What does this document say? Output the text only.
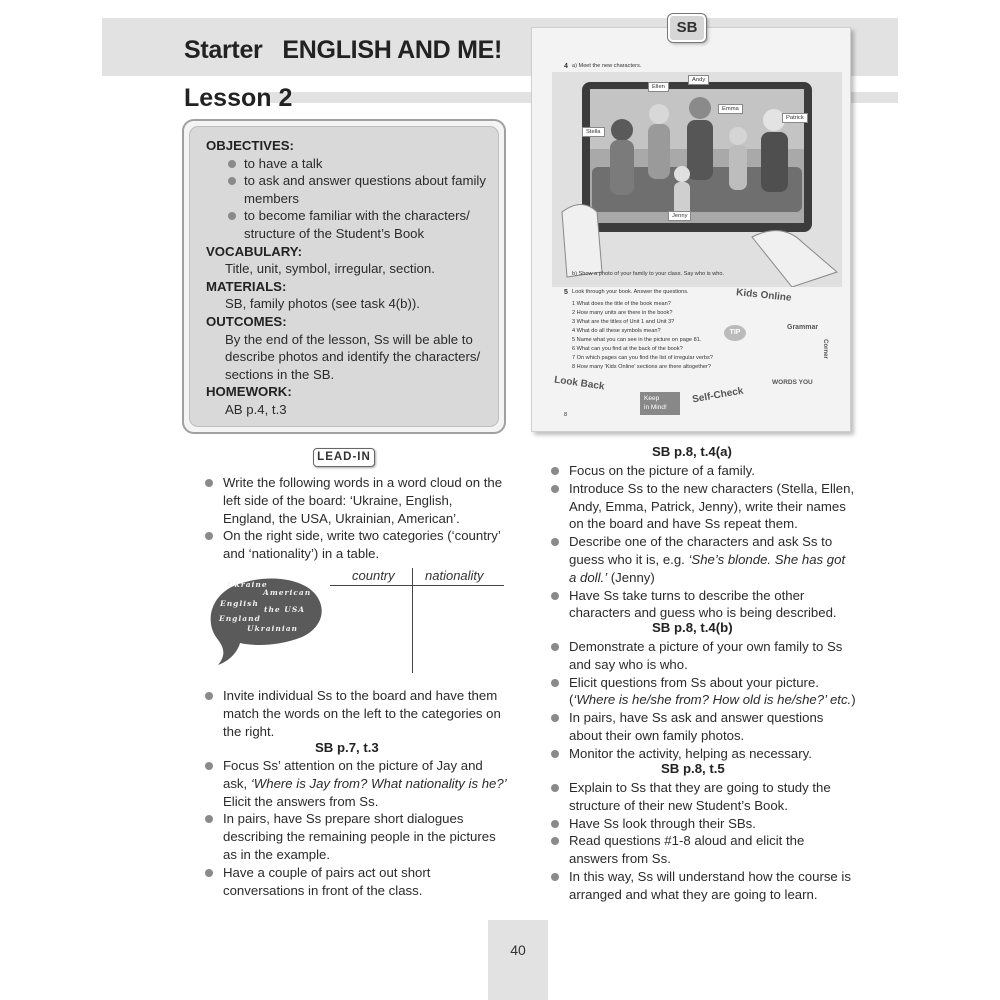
Starter   ENGLISH AND ME!
Lesson 2
OBJECTIVES:
to have a talk
to ask and answer questions about family members
to become familiar with the characters/ structure of the Student’s Book
VOCABULARY:
Title, unit, symbol, irregular, section.
MATERIALS:
SB, family photos (see task 4(b)).
OUTCOMES:
By the end of the lesson, Ss will be able to describe photos and identify the characters/ sections in the SB.
HOMEWORK:
AB p.4, t.3
4 a) Meet the new characters.
Ellen
Andy
Emma
Stella
Patrick
Jenny
b) Show a photo of your family to your class. Say who is who.
5 Look through your book. Answer the questions.
1 What does the title of the book mean?
2 How many units are there in the book?
3 What are the titles of Unit 1 and Unit 3?
4 What do all these symbols mean?
5 Name what you can see in the picture on page 81.
6 What can you find at the back of the book?
7 On which pages can you find the list of irregular verbs?
8 How many 'Kids Online' sections are there altogether?
Kids Online
TIP
Grammar
Corner
Look Back
Keep
in Mind!
Self-Check
WORDS YOU
8
SB
LEAD-IN
Write the following words in a word cloud on the left side of the board: ‘Ukraine, English, England, the USA, Ukrainian, American’.
On the right side, write two categories (‘country’ and ‘nationality’) in a table.
Ukraine
American
English
the USA
England
Ukrainian
country nationality
Invite individual Ss to the board and have them match the words on the left to the categories on the right.
SB p.7, t.3
Focus Ss’ attention on the picture of Jay and ask, ‘Where is Jay from? What nationality is he?’ Elicit the answers from Ss.
In pairs, have Ss prepare short dialogues describing the remaining people in the pictures as in the example.
Have a couple of pairs act out short conversations in front of the class.
SB p.8, t.4(a)
Focus on the picture of a family.
Introduce Ss to the new characters (Stella, Ellen, Andy, Emma, Patrick, Jenny), write their names on the board and have Ss repeat them.
Describe one of the characters and ask Ss to guess who it is, e.g. ‘She’s blonde. She has got a doll.’ (Jenny)
Have Ss take turns to describe the other characters and guess who is being described.
SB p.8, t.4(b)
Demonstrate a picture of your own family to Ss and say who is who.
Elicit questions from Ss about your picture. (‘Where is he/she from? How old is he/she?’ etc.)
In pairs, have Ss ask and answer questions about their own family photos.
Monitor the activity, helping as necessary.
SB p.8, t.5
Explain to Ss that they are going to study the structure of their new Student’s Book.
Have Ss look through their SBs.
Read questions #1-8 aloud and elicit the answers from Ss.
In this way, Ss will understand how the course is arranged and what they are going to learn.
40
